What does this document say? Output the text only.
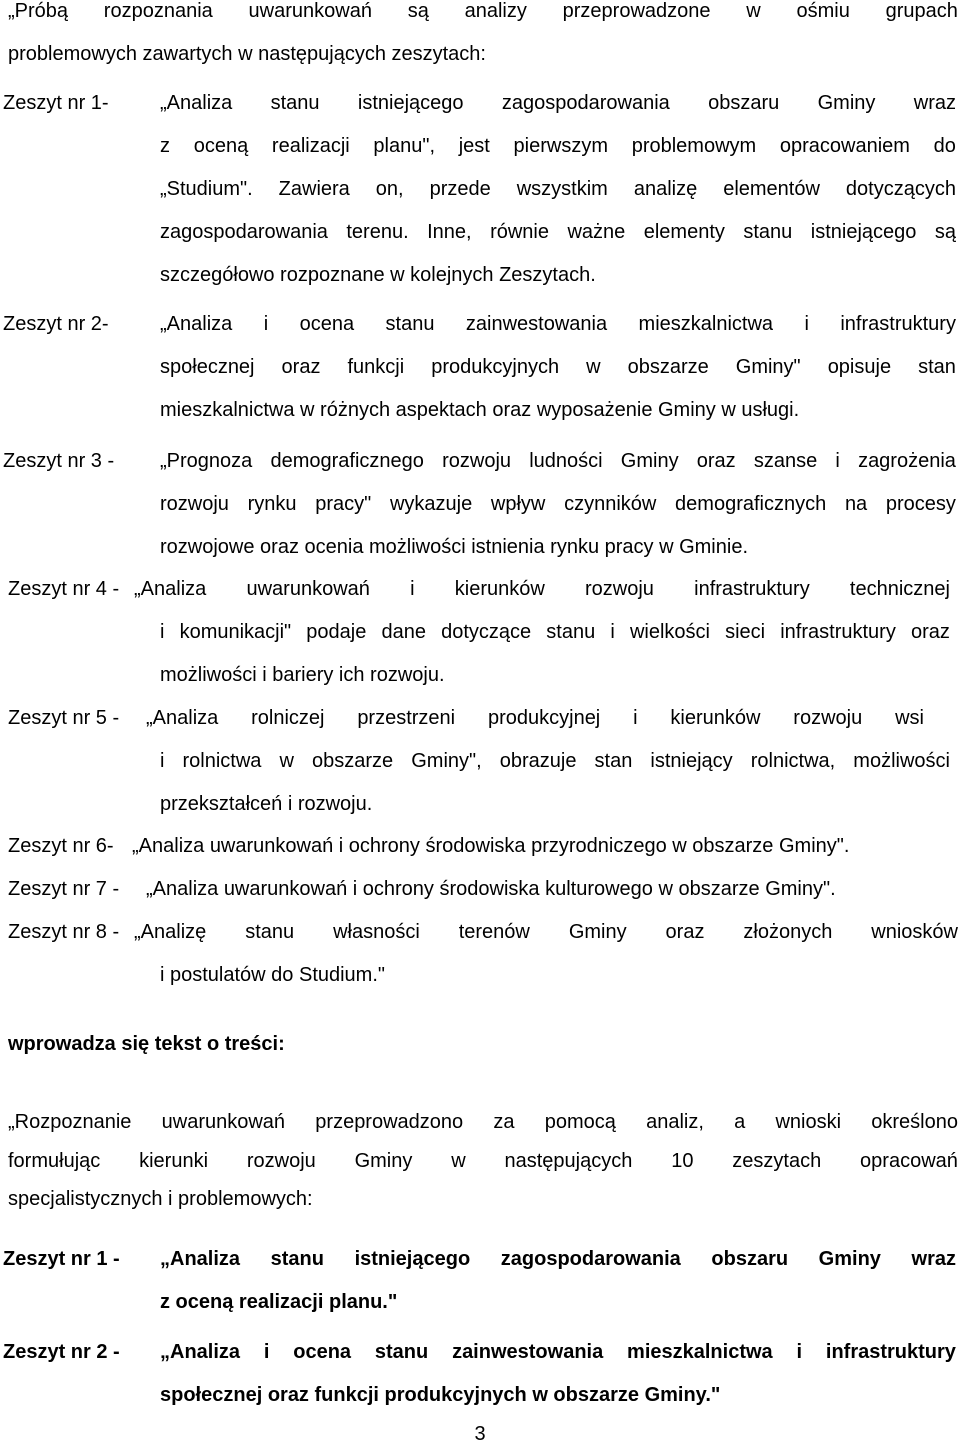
„Próbą rozpoznania uwarunkowań są analizy przeprowadzone w ośmiu grupach
problemowych zawartych w następujących zeszytach:
Zeszyt nr 1-	„Analiza stanu istniejącego zagospodarowania obszaru Gminy wraz
z oceną realizacji planu", jest pierwszym problemowym opracowaniem do
„Studium". Zawiera on, przede wszystkim analizę elementów dotyczących
zagospodarowania terenu. Inne, równie ważne elementy stanu istniejącego są
szczegółowo rozpoznane w kolejnych Zeszytach.
Zeszyt nr 2-	„Analiza i ocena stanu zainwestowania mieszkalnictwa i infrastruktury
społecznej oraz funkcji produkcyjnych w obszarze Gminy" opisuje stan
mieszkalnictwa w różnych aspektach oraz wyposażenie Gminy w usługi.
Zeszyt nr 3 - „Prognoza demograficznego rozwoju ludności Gminy oraz szanse i zagrożenia
rozwoju rynku pracy" wykazuje wpływ czynników demograficznych na procesy
rozwojowe oraz ocenia możliwości istnienia rynku pracy w Gminie.
Zeszyt nr 4 - „Analiza uwarunkowań i kierunków rozwoju infrastruktury technicznej
i komunikacji" podaje dane dotyczące stanu i wielkości sieci infrastruktury oraz
możliwości i bariery ich rozwoju.
Zeszyt nr 5 - „Analiza rolniczej przestrzeni produkcyjnej i kierunków rozwoju wsi
i rolnictwa w obszarze Gminy", obrazuje stan istniejący rolnictwa, możliwości
przekształceń i rozwoju.
Zeszyt nr 6- „Analiza uwarunkowań i ochrony środowiska przyrodniczego w obszarze Gminy".
Zeszyt nr 7 - „Analiza uwarunkowań i ochrony środowiska kulturowego w obszarze Gminy".
Zeszyt nr 8 - „Analizę stanu własności terenów Gminy oraz złożonych wniosków
i postulatów do Studium."
wprowadza się tekst o treści:
„Rozpoznanie uwarunkowań przeprowadzono za pomocą analiz, a wnioski określono
formułując kierunki rozwoju Gminy w następujących 10 zeszytach opracowań
specjalistycznych i problemowych:
Zeszyt nr 1 - „Analiza stanu istniejącego zagospodarowania obszaru Gminy wraz
z oceną realizacji planu."
Zeszyt nr 2 - „Analiza i ocena stanu zainwestowania mieszkalnictwa i infrastruktury
społecznej oraz funkcji produkcyjnych w obszarze Gminy."
3
